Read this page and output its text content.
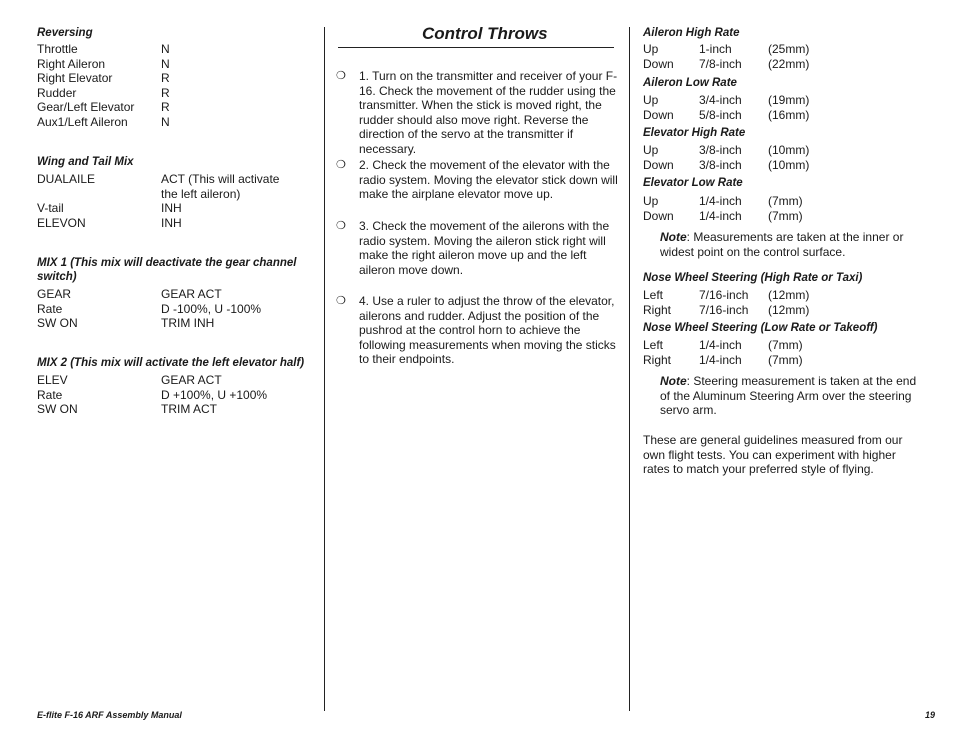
Reversing
Throttle	N
Right Aileron	N
Right Elevator	R
Rudder	R
Gear/Left Elevator	R
Aux1/Left Aileron	N
Wing and Tail Mix
DUALAILE	ACT (This will activate
the left aileron)
V-tail	INH
ELEVON	INH
MIX 1 (This mix will deactivate the gear channel switch)
GEAR	GEAR ACT
Rate	D -100%, U -100%
SW ON	TRIM INH
MIX 2 (This mix will activate the left elevator half)
ELEV	GEAR ACT
Rate	D +100%, U +100%
SW ON	TRIM ACT
Control Throws
❍ 1. Turn on the transmitter and receiver of your F-16. Check the movement of the rudder using the transmitter. When the stick is moved right, the rudder should also move right. Reverse the direction of the servo at the transmitter if necessary.
❍ 2. Check the movement of the elevator with the radio system. Moving the elevator stick down will make the airplane elevator move up.
❍ 3. Check the movement of the ailerons with the radio system. Moving the aileron stick right will make the right aileron move up and the left aileron move down.
❍ 4. Use a ruler to adjust the throw of the elevator, ailerons and rudder. Adjust the position of the pushrod at the control horn to achieve the following measurements when moving the sticks to their endpoints.
Aileron High Rate
Up	1-inch	(25mm)
Down	7/8-inch	(22mm)
Aileron Low Rate
Up	3/4-inch	(19mm)
Down	5/8-inch	(16mm)
Elevator High Rate
Up	3/8-inch	(10mm)
Down	3/8-inch	(10mm)
Elevator Low Rate
Up	1/4-inch	(7mm)
Down	1/4-inch	(7mm)
Note: Measurements are taken at the inner or widest point on the control surface.
Nose Wheel Steering (High Rate or Taxi)
Left	7/16-inch	(12mm)
Right	7/16-inch	(12mm)
Nose Wheel Steering (Low Rate or Takeoff)
Left	1/4-inch	(7mm)
Right	1/4-inch	(7mm)
Note: Steering measurement is taken at the end of the Aluminum Steering Arm over the steering servo arm.
These are general guidelines measured from our own flight tests. You can experiment with higher rates to match your preferred style of flying.
E-flite F-16 ARF Assembly Manual	19
